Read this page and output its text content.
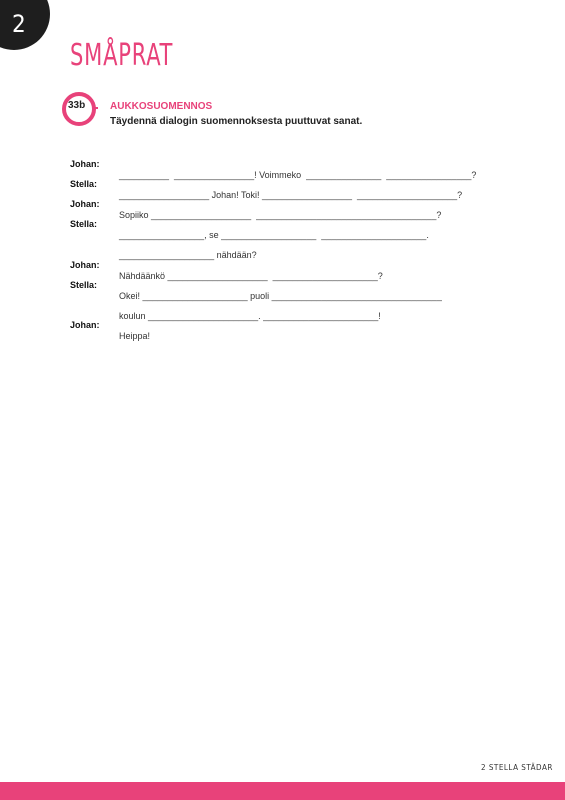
2
SMÅPRAT
33b AUKKOSUOMENNOS
Täydennä dialogin suomennoksesta puuttuvat sanat.

Johan:

__________  ________________! Voimmeko  _______________  _________________?

Stella:

__________________ Johan! Toki! __________________  ____________________?

Johan:

Sopiiko ____________________  ____________________________________?

Stella:

_________________, se ___________________  _____________________.

___________________ nähdään?

Johan:

Nähdäänkö ____________________  _____________________?

Stella:

Okei! _____________________ puoli __________________________________

koulun ______________________. _______________________!

Johan:

Heippa!

2 STELLA STÄDAR
